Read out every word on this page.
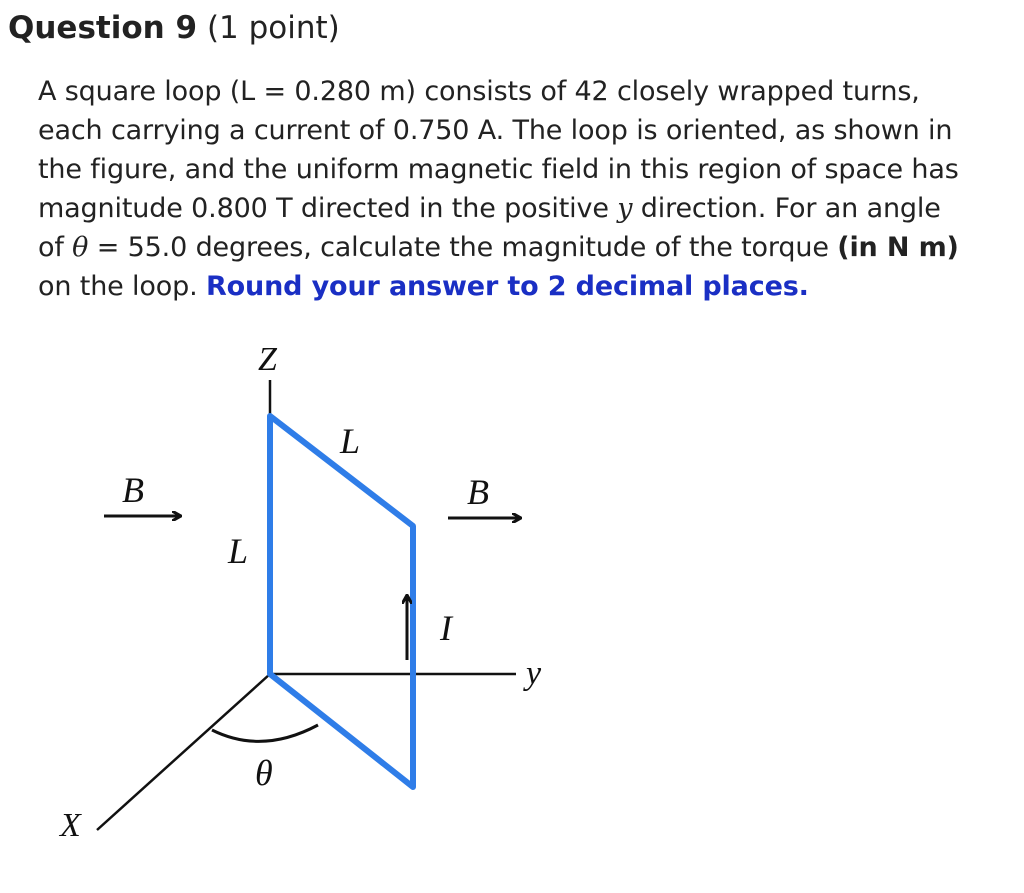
Question 9 (1 point)
A square loop (L = 0.280 m) consists of 42 closely wrapped turns,
each carrying a current of 0.750 A. The loop is oriented, as shown in
the figure, and the uniform magnetic field in this region of space has
magnitude 0.800 T directed in the positive y direction. For an angle
of θ = 55.0 degrees, calculate the magnitude of the torque (in N m)
on the loop. Round your answer to 2 decimal places.
Z
y
X
B	B
L
L
I
θ
